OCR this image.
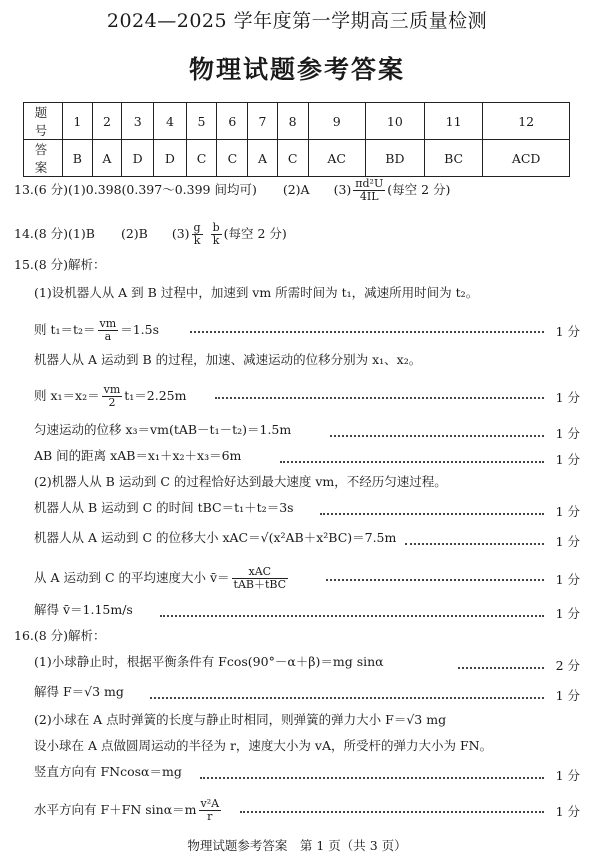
2024—2025 学年度第一学期高三质量检测
物理试题参考答案
题 号	1	2	3	4	5	6	7	8	9	10	11	12
答 案	B	A	D	D	C	C	A	C	AC	BD	BC	ACD
13.(6 分)(1)0.398(0.397～0.399 间均可) (2)A $(3) \frac{\text{πd²U}}{4IL}$ (每空 2 分)
14.(8 分)(1)B (2)B $(3) \frac{g}{k}$
$\frac{b}{k}$ (每空 2 分)
15.(8 分)解析：
(1)设机器人从 A 到 B 过程中，加速到 vm 所需时间为 t₁，减速所用时间为 t₂。
则 $t_1=t_2= \frac{vm}{a} =1.5s$	1 分
机器人从 A 运动到 B 的过程，加速、减速运动的位移分别为 x₁、x₂。
则 $x_1=x_2= \frac{vm}{2} t_1=2.25m$	1 分
匀速运动的位移 x₃＝vm(tAB－t₁－t₂)＝1.5m	1 分
AB 间的距离 xAB＝x₁＋x₂＋x₃＝6m	1 分
(2)机器人从 B 运动到 C 的过程恰好达到最大速度 vm，不经历匀速过程。
机器人从 B 运动到 C 的时间 tBC＝t₁＋t₂＝3s	1 分
机器人从 A 运动到 C 的位移大小 xAC＝√(x²AB＋x²BC)＝7.5m	1 分
从 A 运动到 C 的平均速度大小 v̄＝ $\frac{\text{xAC}}{\text{tAB＋tBC}}$	1 分
解得 v̄＝1.15m/s	1 分
16.(8 分)解析：
(1)小球静止时，根据平衡条件有 Fcos(90°－α＋β)＝mg sinα	2 分
解得 F＝√3 mg	1 分
(2)小球在 A 点时弹簧的长度与静止时相同，则弹簧的弹力大小 F＝√3 mg
设小球在 A 点做圆周运动的半径为 r，速度大小为 vA，所受杆的弹力大小为 FN。
竖直方向有 FNcosα＝mg	1 分
水平方向有 F＋FN $\sin\alpha=m \frac{\text{v²A}}{r}$	1 分
物理试题参考答案　第 1 页（共 3 页）
